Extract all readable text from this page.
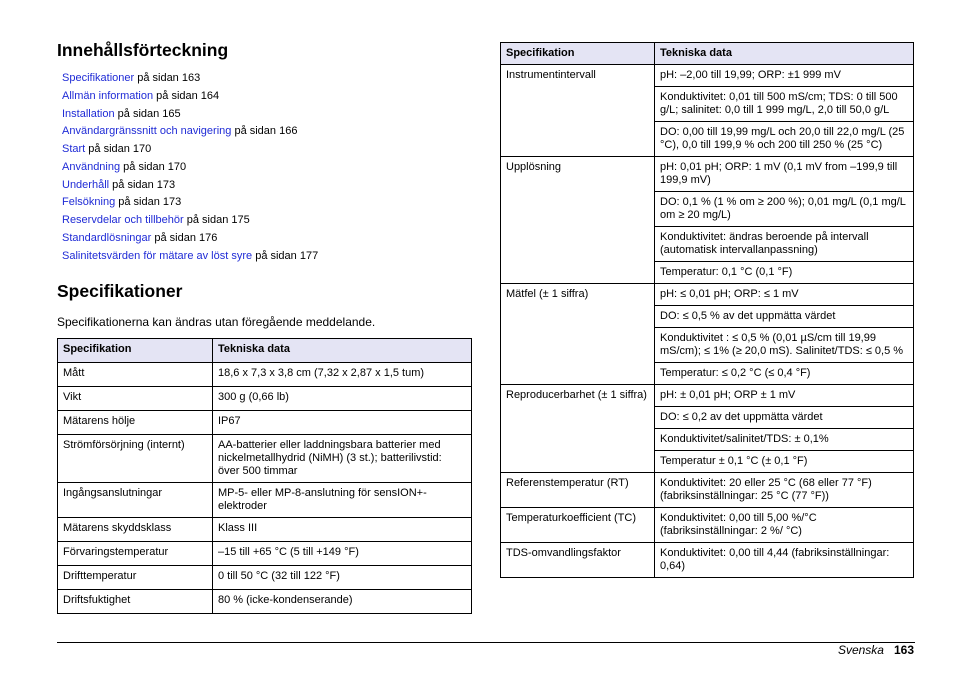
Innehållsförteckning
Specifikationer på sidan 163
Allmän information på sidan 164
Installation på sidan 165
Användargränssnitt och navigering på sidan 166
Start på sidan 170
Användning på sidan 170
Underhåll på sidan 173
Felsökning på sidan 173
Reservdelar och tillbehör på sidan 175
Standardlösningar på sidan 176
Salinitetsvärden för mätare av löst syre på sidan 177
Specifikationer

Specifikationerna kan ändras utan föregående meddelande.

Specifikation	Tekniska data
Mått	18,6 x 7,3 x 3,8 cm (7,32 x 2,87 x 1,5 tum)
Vikt	300 g (0,66 lb)
Mätarens hölje	IP67
Strömförsörjning (internt)	AA-batterier eller laddningsbara batterier med nickelmetallhydrid (NiMH) (3 st.); batterilivstid: över 500 timmar
Ingångsanslutningar	MP-5- eller MP-8-anslutning för sensION+-elektroder
Mätarens skyddsklass	Klass III
Förvaringstemperatur	–15 till +65 °C (5 till +149 °F)
Drifttemperatur	0 till 50 °C (32 till 122 °F)
Driftsfuktighet	80 % (icke-kondenserande)
Specifikation	Tekniska data
Instrumentintervall	pH: –2,00 till 19,99; ORP: ±1 999 mV
	Konduktivitet: 0,01 till 500 mS/cm; TDS: 0 till 500 g/L; salinitet: 0,0 till 1 999 mg/L, 2,0 till 50,0 g/L
	DO: 0,00 till 19,99 mg/L och 20,0 till 22,0 mg/L (25 °C), 0,0 till 199,9 % och 200 till 250 % (25 °C)
Upplösning	pH: 0,01 pH; ORP: 1 mV (0,1 mV from –199,9 till 199,9 mV)
	DO: 0,1 % (1 % om ≥ 200 %); 0,01 mg/L (0,1 mg/L om ≥ 20 mg/L)
	Konduktivitet: ändras beroende på intervall (automatisk intervallanpassning)
	Temperatur: 0,1 °C (0,1 °F)
Mätfel (± 1 siffra)	pH: ≤ 0,01 pH; ORP: ≤ 1 mV
	DO: ≤ 0,5 % av det uppmätta värdet
	Konduktivitet : ≤ 0,5 % (0,01 µS/cm till 19,99 mS/cm); ≤ 1% (≥ 20,0 mS). Salinitet/TDS: ≤ 0,5 %
	Temperatur: ≤ 0,2 °C (≤ 0,4 °F)
Reproducerbarhet (± 1 siffra)	pH: ± 0,01 pH; ORP ± 1 mV
	DO: ≤ 0,2 av det uppmätta värdet
	Konduktivitet/salinitet/TDS: ± 0,1%
	Temperatur ± 0,1 °C (± 0,1 °F)
Referenstemperatur (RT)	Konduktivitet: 20 eller 25 °C (68 eller 77 °F) (fabriksinställningar: 25 °C (77 °F))
Temperaturkoefficient (TC)	Konduktivitet: 0,00 till 5,00 %/°C (fabriksinställningar: 2 %/ °C)
TDS-omvandlingsfaktor	Konduktivitet: 0,00 till 4,44 (fabriksinställningar: 0,64)
Svenska 163
